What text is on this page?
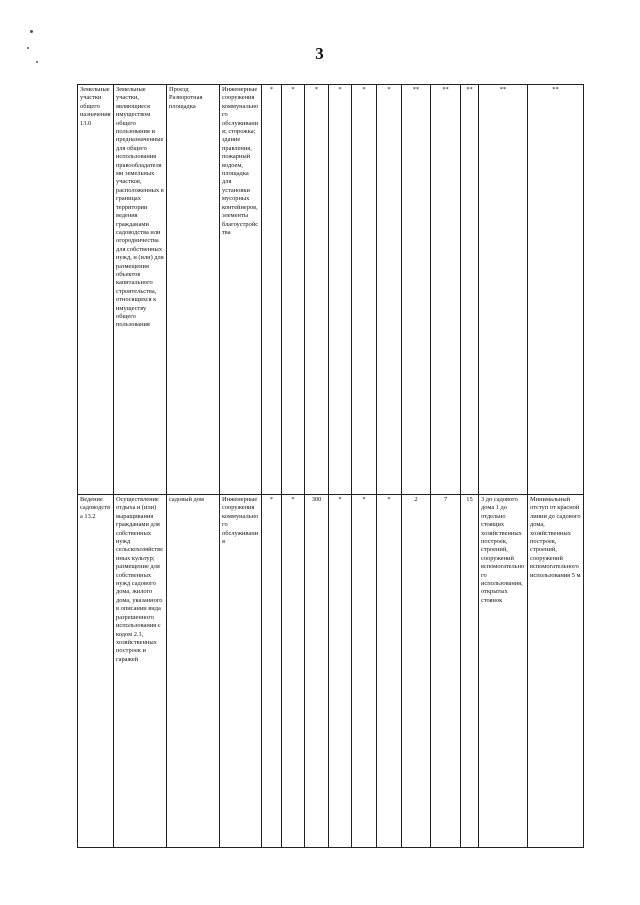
3
Земельные участки общего назначения 13.0	Земельные участки, являющиеся имуществом общего пользования и предназначенные для общего использования правообладателями земельных участков, расположенных в границах территории ведения гражданами садоводства или огородничества для собственных нужд, и (или) для размещения объектов капитального строительства, относящихся к имуществу общего пользования	Проезд Разворотная площадка	Инженерные сооружения коммунального обслуживания; сторожка; здание правления, пожарный водоем, площадка для установки мусорных контейнеров, элементы благоустройства	*	*	*	*	*	*	**	**	**	**	**

Ведение садоводства 13.2	Осуществление отдыха и (или) выращивания гражданами для собственных нужд сельскохозяйственных культур; размещение для собственных нужд садового дома, жилого дома, указанного в описании вида разрешенного использования с кодом 2.1, хозяйственных построек и гаражей	садовый дом	Инженерные сооружения коммунального обслуживания	*	*	300	*	*	*	2	7	15	3 до садового дома 1 до отдельно стоящих хозяйственных построек, строений, сооружений вспомогательного использования, открытых стоянок	Минимальный отступ от красной линии до садового дома, хозяйственных построек, строений, сооружений вспомогательного использования 5 м
